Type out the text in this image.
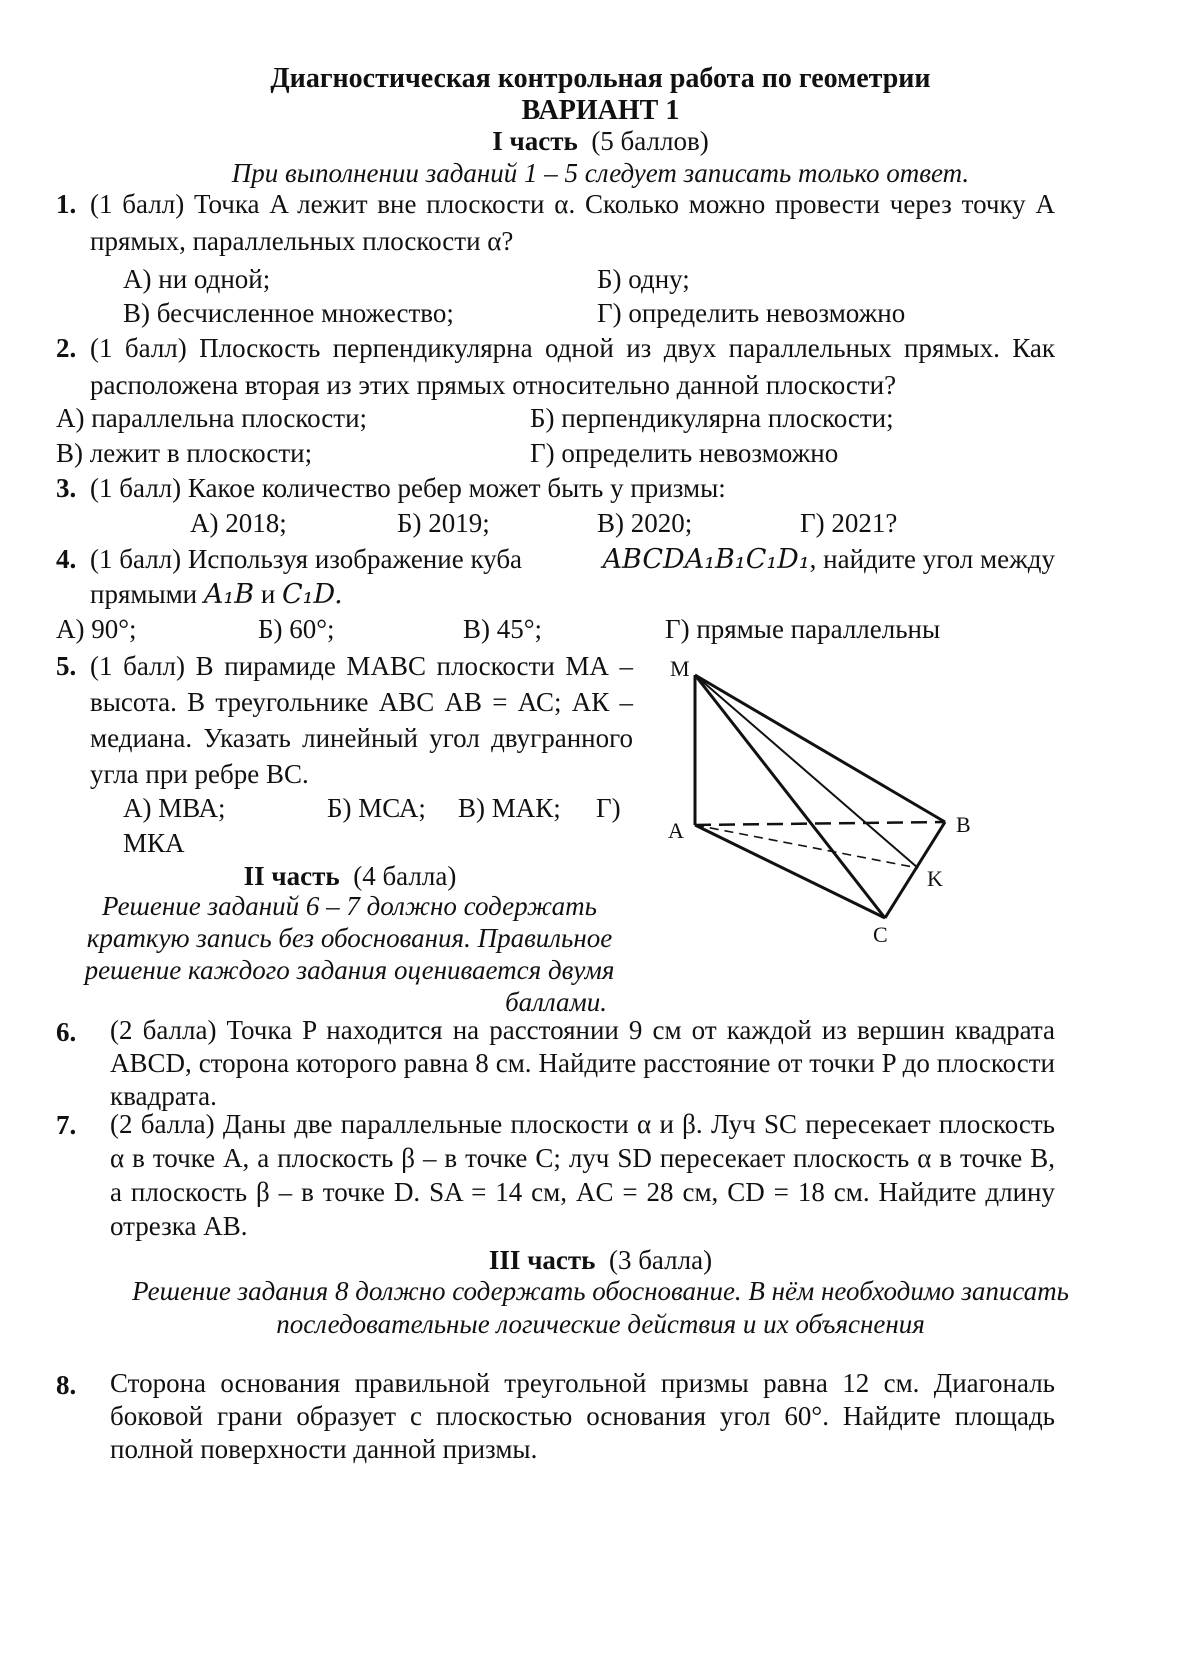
Диагностическая контрольная работа по геометрии
ВАРИАНТ 1
I часть (5 баллов)
При выполнении заданий 1 – 5 следует записать только ответ.
1. (1 балл) Точка A лежит вне плоскости α. Сколько можно провести через точку A прямых, параллельных плоскости α?
А) ни одной;	Б) одну;
В) бесчисленное множество;	Г) определить невозможно
2. (1 балл) Плоскость перпендикулярна одной из двух параллельных прямых. Как расположена вторая из этих прямых относительно данной плоскости?
А) параллельна плоскости;	Б) перпендикулярна плоскости;
В) лежит в плоскости;	Г) определить невозможно
3. (1 балл) Какое количество ребер может быть у призмы:
А) 2018;	Б) 2019;	В) 2020;	Г) 2021?
4. (1 балл) Используя изображение куба	ABCDA₁B₁C₁D₁, найдите угол между
прямыми A₁B и C₁D.
А) 90°;	Б) 60°;	В) 45°;	Г) прямые параллельны
5. (1 балл) В пирамиде МАВС плоскости МА – высота. В треугольнике АВС АВ = АС; АК – медиана. Указать линейный угол двугранного угла при ребре ВС.
А) МВА;	Б) МСА; В) МАК; Г)
МКА
M
A	B
K
C
II часть (4 балла)
Решение заданий 6 – 7 должно содержать
краткую запись без обоснования. Правильное
решение каждого задания оценивается двумя
баллами.
6. (2 балла) Точка P находится на расстоянии 9 см от каждой из вершин квадрата ABCD, сторона которого равна 8 см. Найдите расстояние от точки P до плоскости квадрата.
7. (2 балла) Даны две параллельные плоскости α и β. Луч SC пересекает плоскость
α в точке A, а плоскость β – в точке C; луч SD пересекает плоскость α в точке B,
а плоскость β – в точке D. SA = 14 см, AC = 28 см, CD = 18 см. Найдите длину
отрезка AB.
III часть (3 балла)
Решение задания 8 должно содержать обоснование. В нём необходимо записать
последовательные логические действия и их объяснения
8. Сторона основания правильной треугольной призмы равна 12 см. Диагональ боковой грани образует с плоскостью основания угол 60°. Найдите площадь полной поверхности данной призмы.
